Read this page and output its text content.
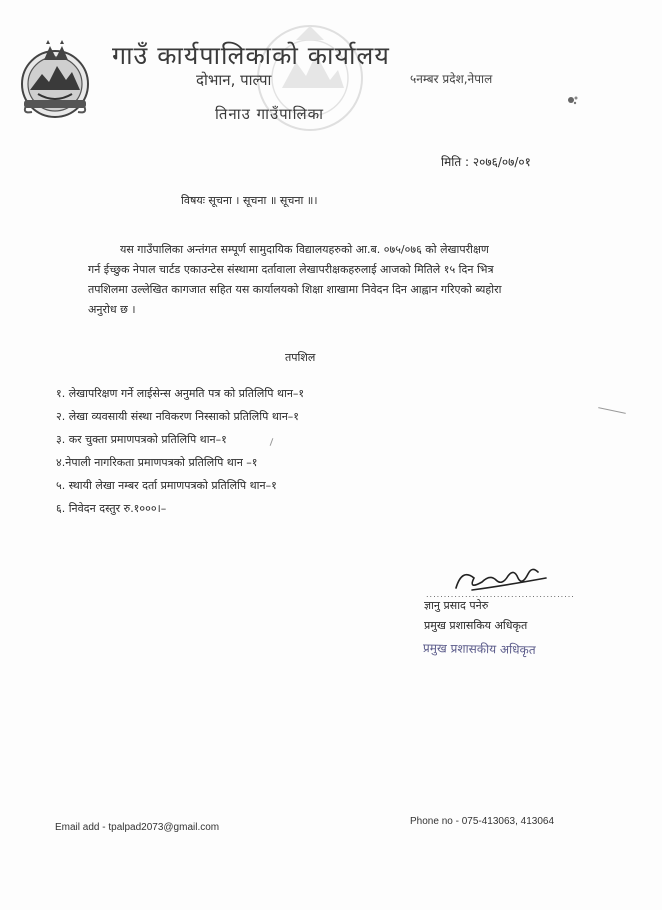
गाउँ कार्यपालिकाको कार्यालय
दोभान, पाल्पा	५नम्बर प्रदेश,नेपाल
तिनाउ गाउँपालिका
मिति : २०७६/०७/०१
विषयः सूचना । सूचना ॥ सूचना ॥।
यस गाउँपालिका अन्तंगत सम्पूर्ण सामुदायिक विद्यालयहरुको आ.ब. ०७५/०७६ को लेखापरीक्षण
गर्न ईच्छुक नेपाल चार्टड एकाउन्टेस संस्थामा दर्तावाला लेखापरीक्षकहरुलाई आजको मितिले १५ दिन भित्र
तपशिलमा उल्लेखित कागजात सहित यस कार्यालयको शिक्षा शाखामा निवेदन दिन आह्वान गरिएको ब्यहोरा
अनुरोध छ ।
तपशिल
१. लेखापरिक्षण गर्ने लाईसेन्स अनुमति पत्र को प्रतिलिपि थान–१
२. लेखा व्यवसायी संस्था नविकरण निस्साको प्रतिलिपि थान–१
३. कर चुक्ता प्रमाणपत्रको प्रतिलिपि थान–१
४.नेपाली नागरिकता प्रमाणपत्रको प्रतिलिपि थान –१
५. स्थायी लेखा नम्बर दर्ता प्रमाणपत्रको प्रतिलिपि थान–१
६. निवेदन दस्तुर रु.१०००।–
..........................................
ज्ञानु प्रसाद पनेरु
प्रमुख प्रशासकिय अधिकृत
प्रमुख प्रशासकीय अधिकृत
Email add - tpalpad2073@gmail.com
Phone no - 075-413063, 413064
